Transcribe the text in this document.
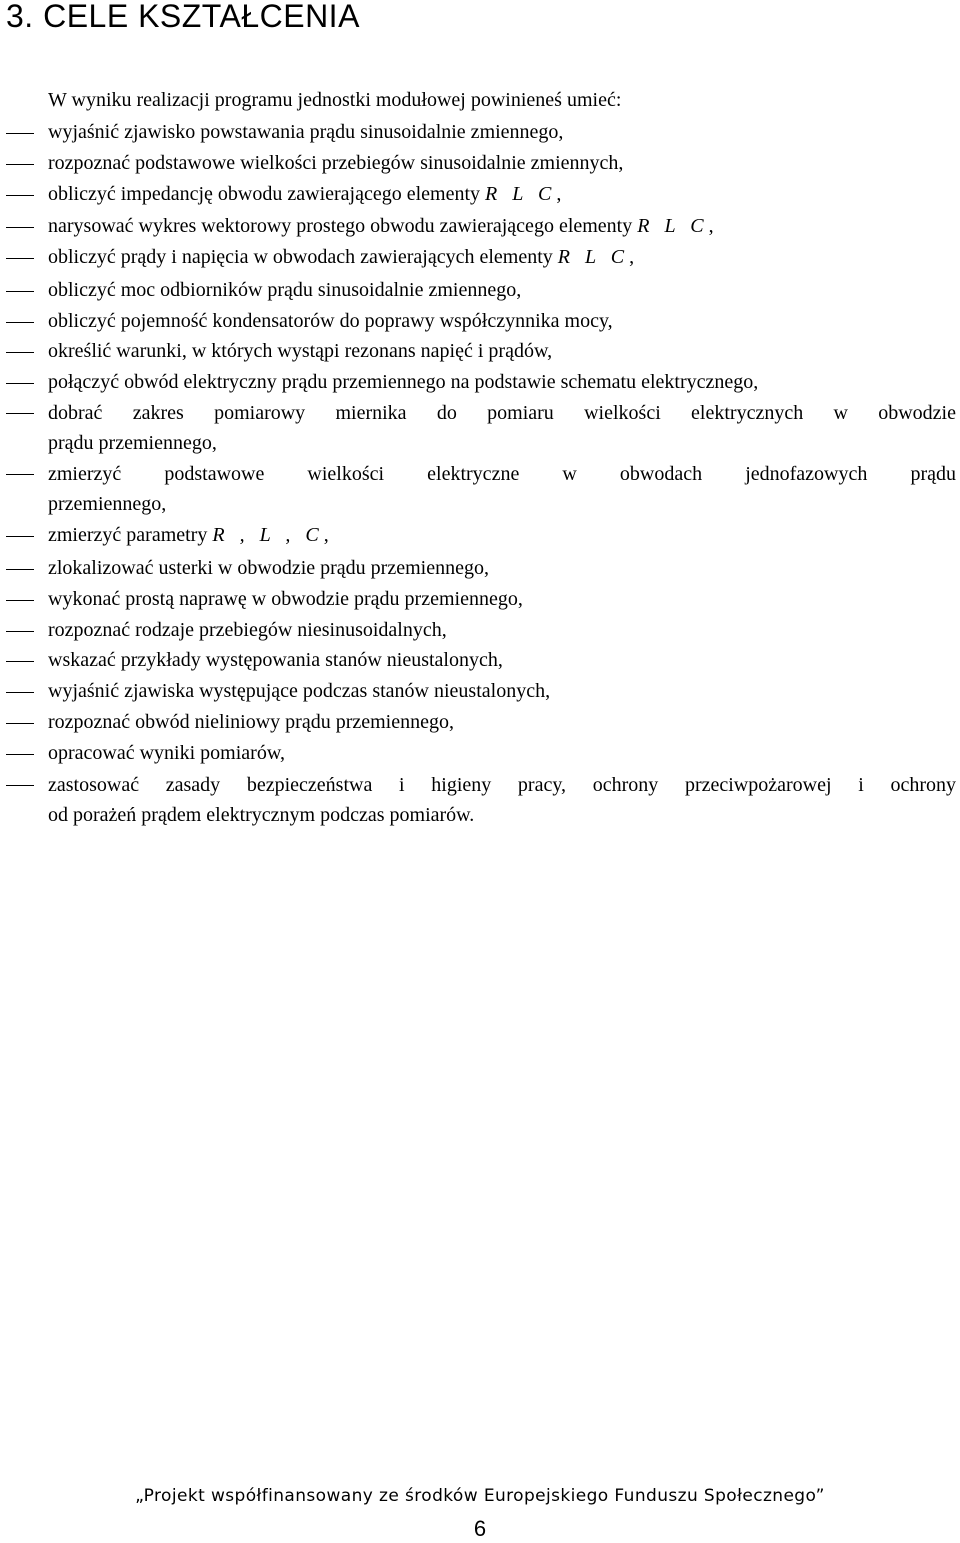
3. CELE KSZTAŁCENIA

W wyniku realizacji programu jednostki modułowej powinieneś umieć:

wyjaśnić zjawisko powstawania prądu sinusoidalnie zmiennego,
rozpoznać podstawowe wielkości przebiegów sinusoidalnie zmiennych,
obliczyć impedancję obwodu zawierającego elementy R L C,
narysować wykres wektorowy prostego obwodu zawierającego elementy R L C,
obliczyć prądy i napięcia w obwodach zawierających elementy R L C,
obliczyć moc odbiorników prądu sinusoidalnie zmiennego,
obliczyć pojemność kondensatorów do poprawy współczynnika mocy,
określić warunki, w których wystąpi rezonans napięć i prądów,
połączyć obwód elektryczny prądu przemiennego na podstawie schematu elektrycznego,
dobrać zakres pomiarowy miernika do pomiaru wielkości elektrycznych w obwodzie
prądu przemiennego,
zmierzyć podstawowe wielkości elektryczne w obwodach jednofazowych prądu
przemiennego,
zmierzyć parametry R , L , C,
zlokalizować usterki w obwodzie prądu przemiennego,
wykonać prostą naprawę w obwodzie prądu przemiennego,
rozpoznać rodzaje przebiegów niesinusoidalnych,
wskazać przykłady występowania stanów nieustalonych,
wyjaśnić zjawiska występujące podczas stanów nieustalonych,
rozpoznać obwód nieliniowy prądu przemiennego,
opracować wyniki pomiarów,
zastosować zasady bezpieczeństwa i higieny pracy, ochrony przeciwpożarowej i ochrony
od porażeń prądem elektrycznym podczas pomiarów.
„Projekt współfinansowany ze środków Europejskiego Funduszu Społecznego”
6
